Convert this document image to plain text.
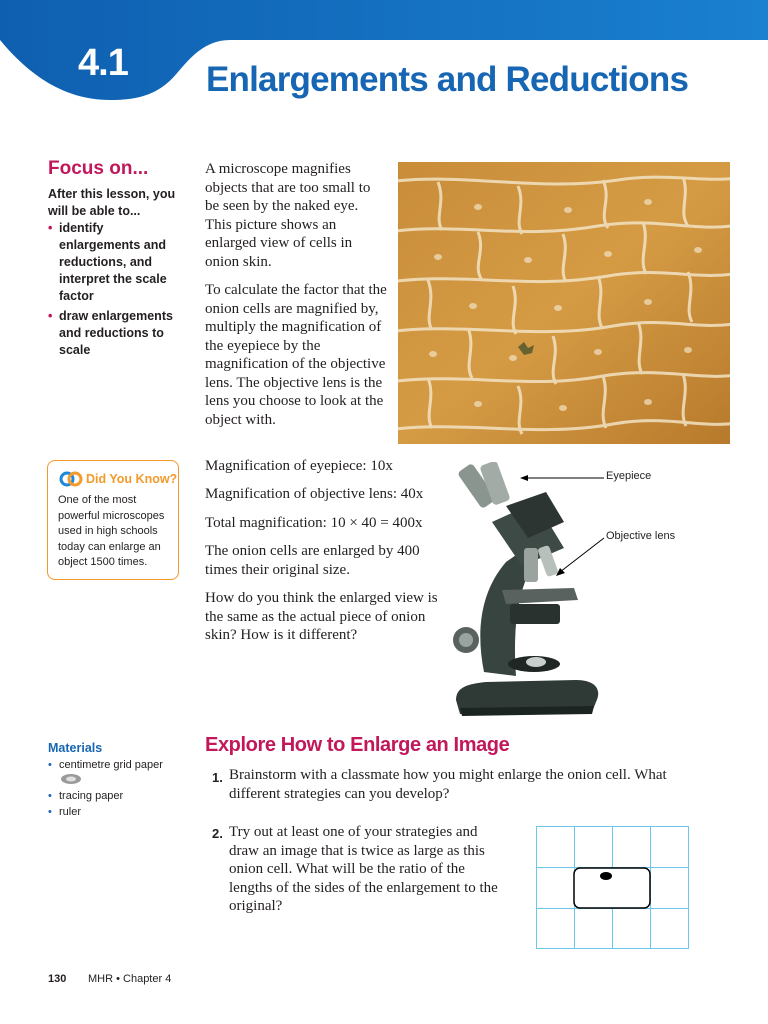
4.1 Enlargements and Reductions
Focus on...
After this lesson, you will be able to...
• identify enlargements and reductions, and interpret the scale factor
• draw enlargements and reductions to scale
Did You Know?
One of the most powerful microscopes used in high schools today can enlarge an object 1500 times.

A microscope magnifies objects that are too small to be seen by the naked eye. This picture shows an enlarged view of cells in onion skin.

To calculate the factor that the onion cells are magnified by, multiply the magnification of the eyepiece by the magnification of the objective lens. The objective lens is the lens you choose to look at the object with.

Magnification of eyepiece: 10x

Magnification of objective lens: 40x

Total magnification: 10 × 40 = 400x

The onion cells are enlarged by 400 times their original size.

How do you think the enlarged view is the same as the actual piece of onion skin? How is it different?

Eyepiece
Objective lens
Materials
• centimetre grid paper
• tracing paper
• ruler
Explore How to Enlarge an Image
1. Brainstorm with a classmate how you might enlarge the onion cell. What different strategies can you develop?
2. Try out at least one of your strategies and draw an image that is twice as large as this onion cell. What will be the ratio of the lengths of the sides of the enlargement to the original?
130 MHR • Chapter 4
